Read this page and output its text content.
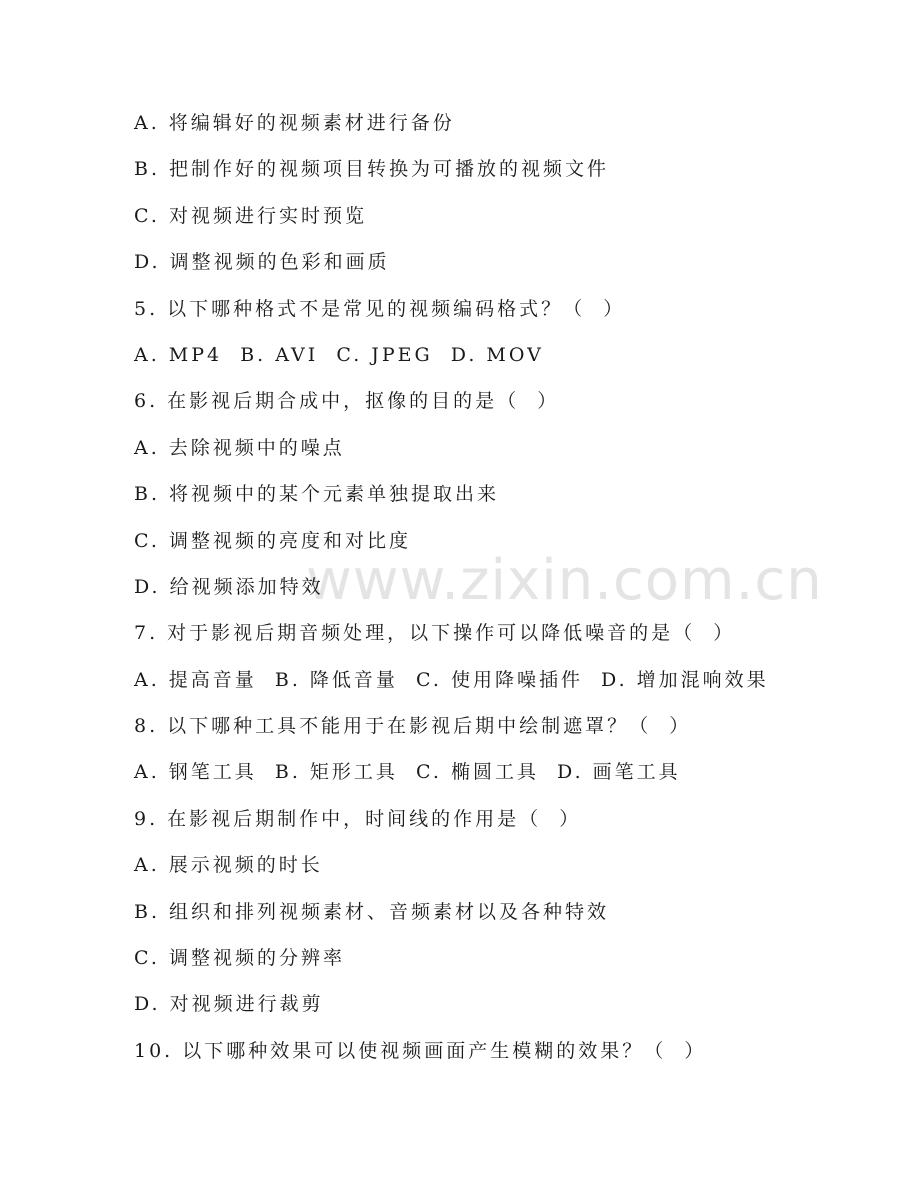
www.zixin.com.cn
A. 将编辑好的视频素材进行备份
B. 把制作好的视频项目转换为可播放的视频文件
C. 对视频进行实时预览
D. 调整视频的色彩和画质
5. 以下哪种格式不是常见的视频编码格式？（  ）
A. MP4  B. AVI  C. JPEG  D. MOV
6. 在影视后期合成中，抠像的目的是（  ）
A. 去除视频中的噪点
B. 将视频中的某个元素单独提取出来
C. 调整视频的亮度和对比度
D. 给视频添加特效
7. 对于影视后期音频处理，以下操作可以降低噪音的是（  ）
A. 提高音量  B. 降低音量  C. 使用降噪插件  D. 增加混响效果
8. 以下哪种工具不能用于在影视后期中绘制遮罩？（  ）
A. 钢笔工具  B. 矩形工具  C. 椭圆工具  D. 画笔工具
9. 在影视后期制作中，时间线的作用是（  ）
A. 展示视频的时长
B. 组织和排列视频素材、音频素材以及各种特效
C. 调整视频的分辨率
D. 对视频进行裁剪
10. 以下哪种效果可以使视频画面产生模糊的效果？（  ）
